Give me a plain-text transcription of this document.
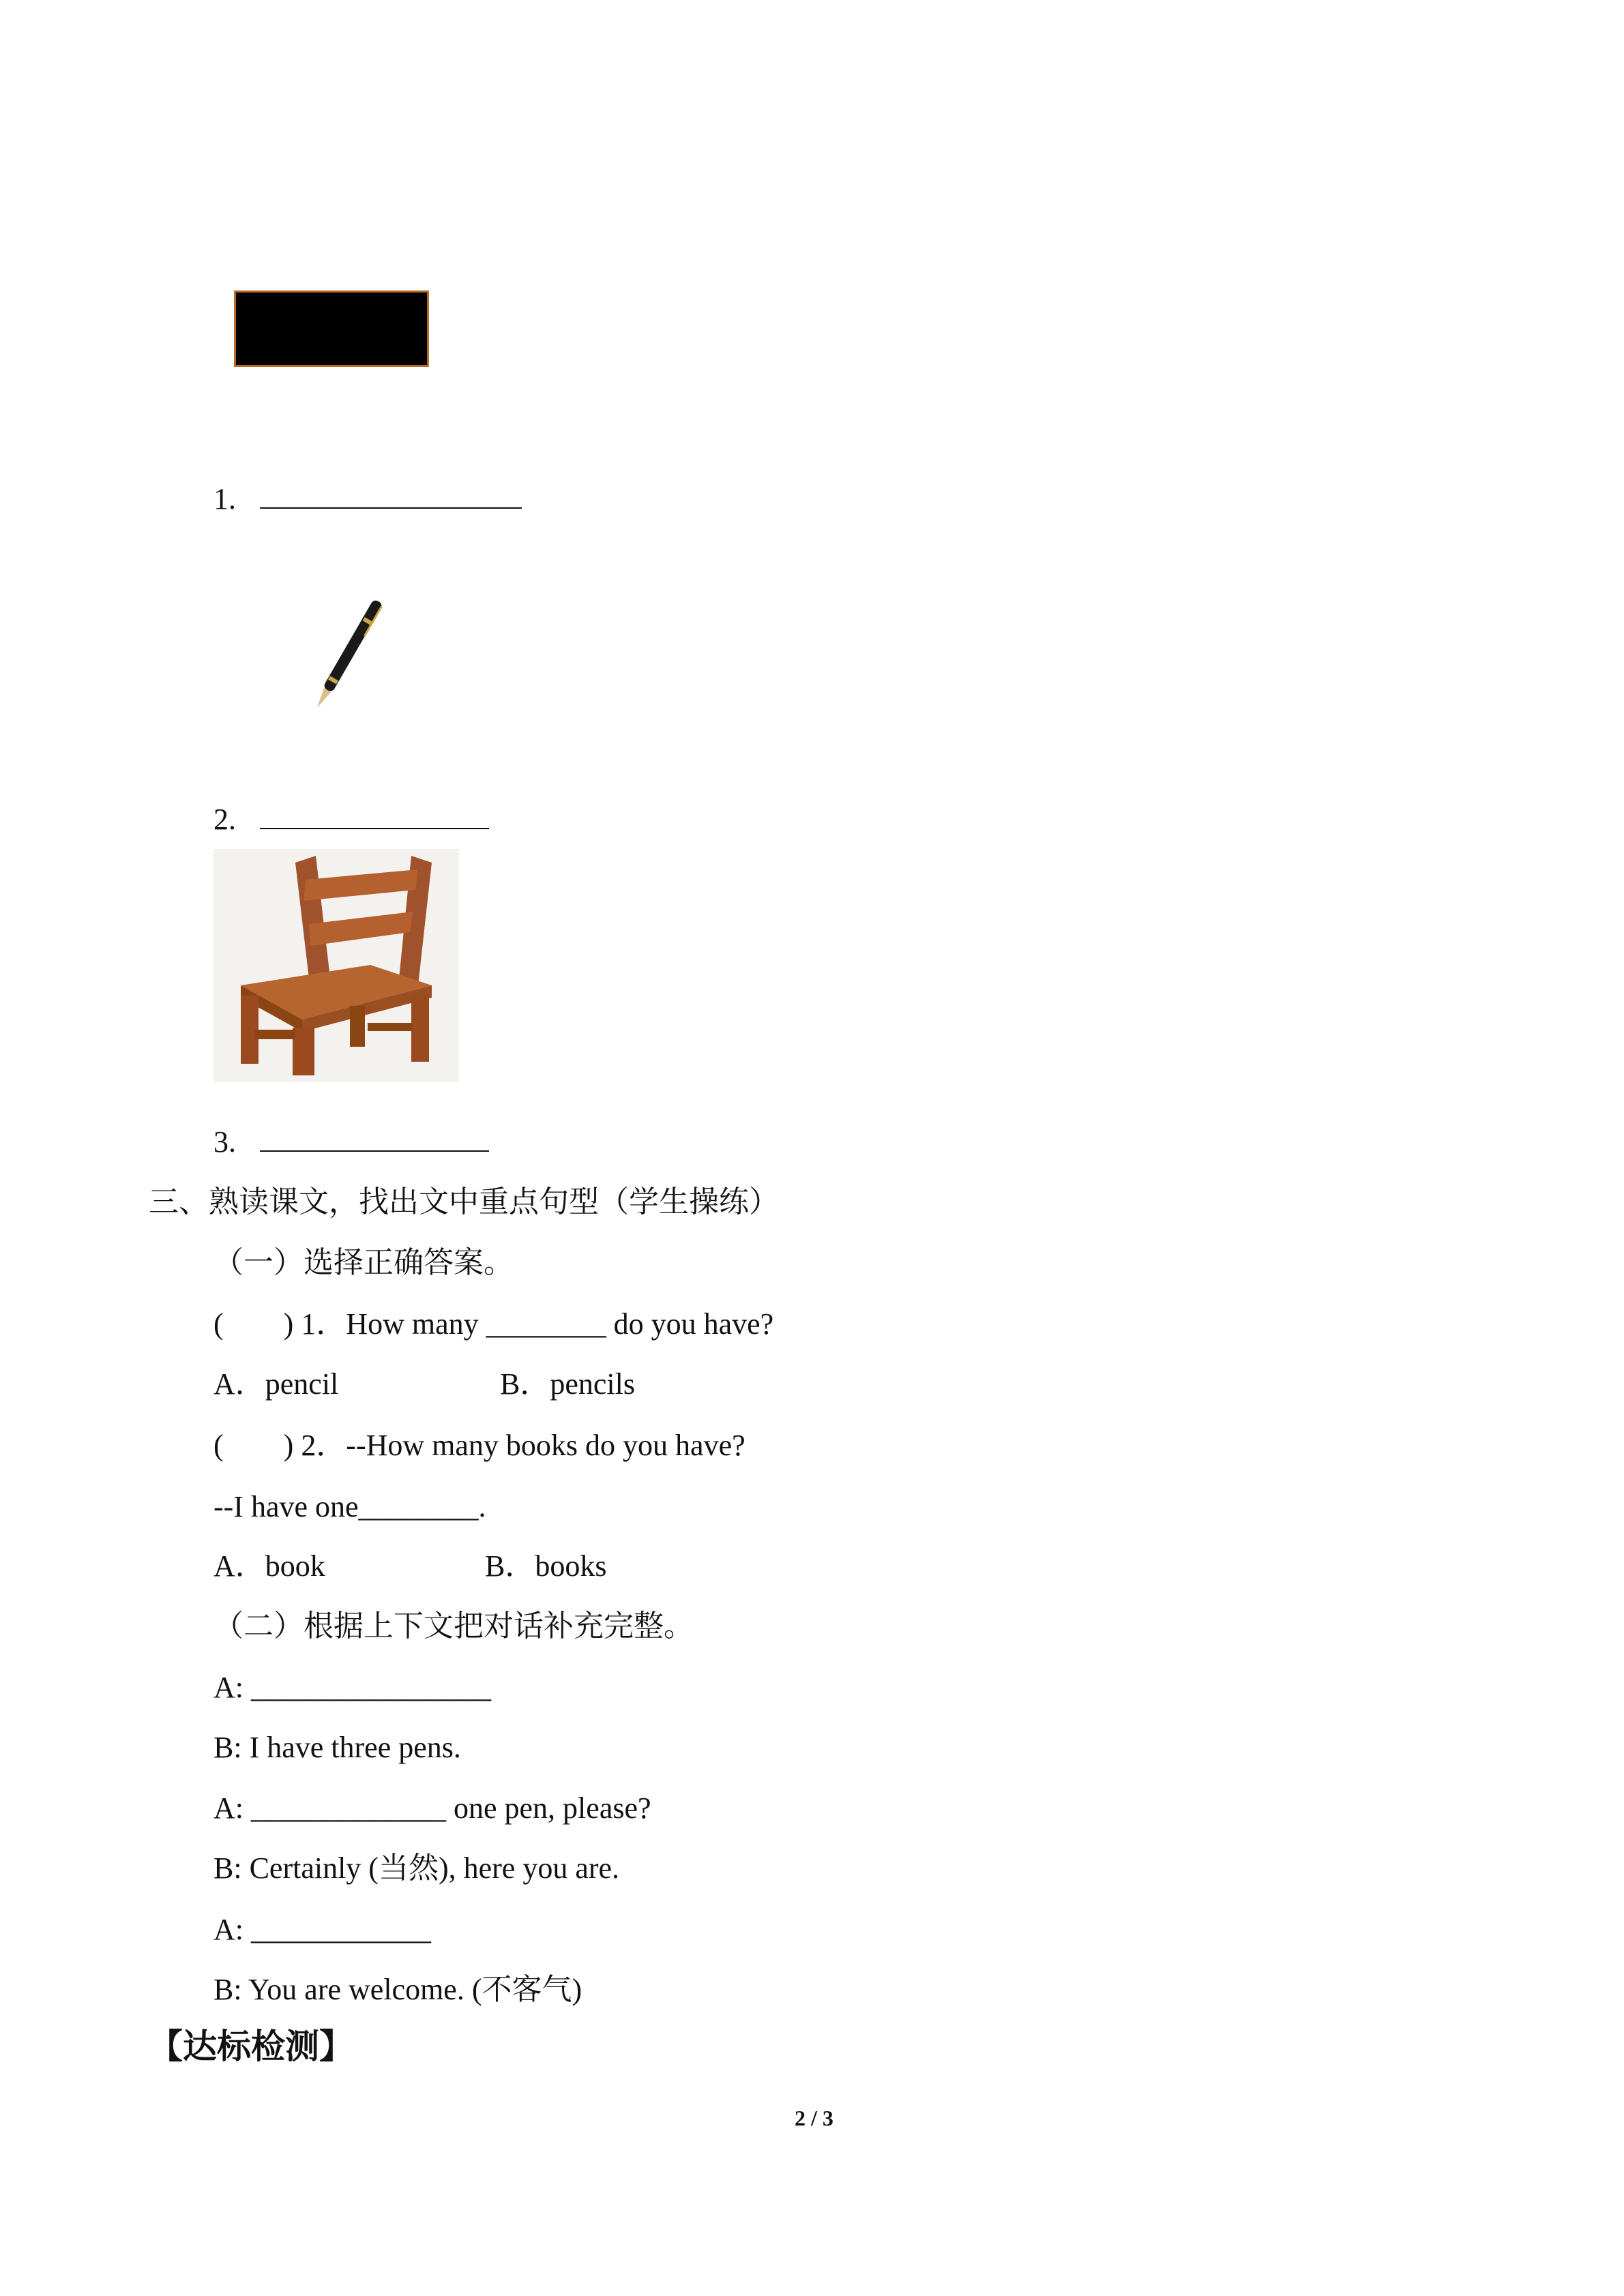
1.
2.
3.
三、熟读课文，找出文中重点句型（学生操练）
（一）选择正确答案。
(        ) 1．How many ________ do you have?
A．pencil	B．pencils
(        ) 2．--How many books do you have?
--I have one________.
A．book	B．books
（二）根据上下文把对话补充完整。
A: ________________
B: I have three pens.
A: _____________ one pen, please?
B: Certainly (当然), here you are.
A: ____________
B: You are welcome. (不客气)
【达标检测】
2 / 3
